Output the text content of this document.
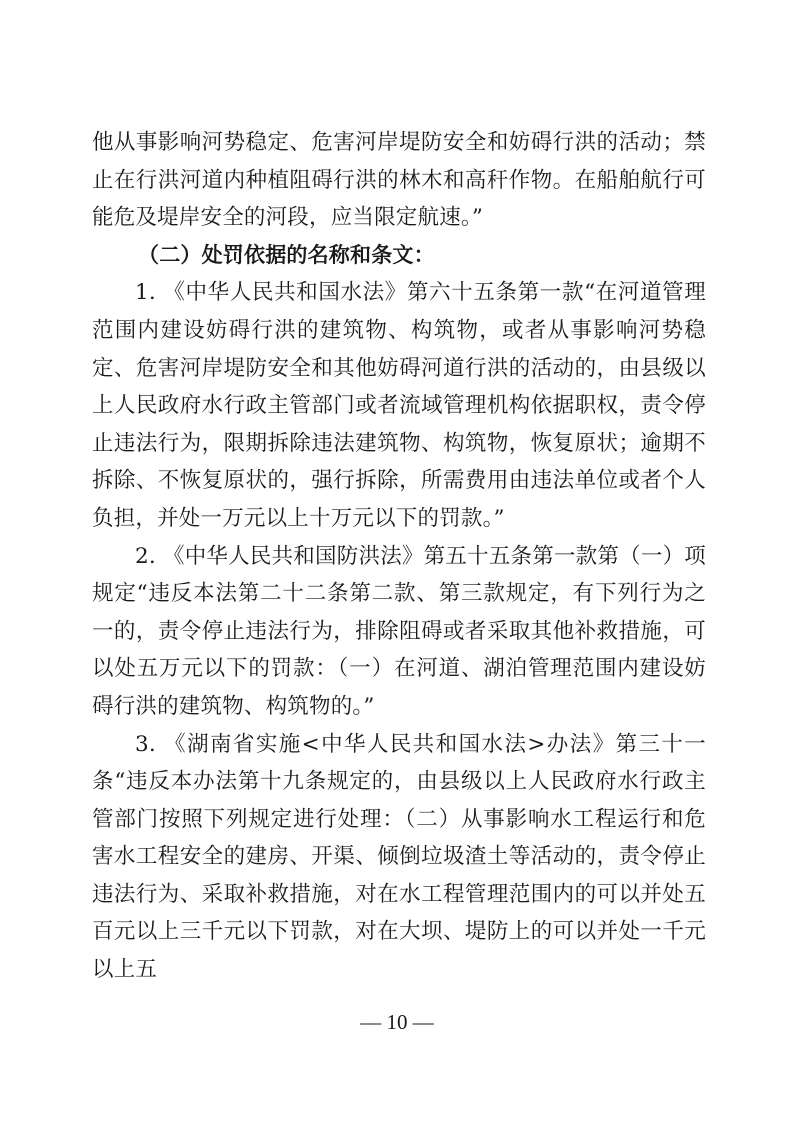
他从事影响河势稳定、危害河岸堤防安全和妨碍行洪的活动；禁止在行洪河道内种植阻碍行洪的林木和高秆作物。在船舶航行可能危及堤岸安全的河段，应当限定航速。”

（二）处罚依据的名称和条文：

1. 《中华人民共和国水法》第六十五条第一款“在河道管理范围内建设妨碍行洪的建筑物、构筑物，或者从事影响河势稳定、危害河岸堤防安全和其他妨碍河道行洪的活动的，由县级以上人民政府水行政主管部门或者流域管理机构依据职权，责令停止违法行为，限期拆除违法建筑物、构筑物，恢复原状；逾期不拆除、不恢复原状的，强行拆除，所需费用由违法单位或者个人负担，并处一万元以上十万元以下的罚款。”

2. 《中华人民共和国防洪法》第五十五条第一款第（一）项规定“违反本法第二十二条第二款、第三款规定，有下列行为之一的，责令停止违法行为，排除阻碍或者采取其他补救措施，可以处五万元以下的罚款：（一）在河道、湖泊管理范围内建设妨碍行洪的建筑物、构筑物的。”

3. 《湖南省实施<中华人民共和国水法>办法》第三十一条“违反本办法第十九条规定的，由县级以上人民政府水行政主管部门按照下列规定进行处理：（二）从事影响水工程运行和危害水工程安全的建房、开渠、倾倒垃圾渣土等活动的，责令停止违法行为、采取补救措施，对在水工程管理范围内的可以并处五百元以上三千元以下罚款，对在大坝、堤防上的可以并处一千元以上五

— 10 —
